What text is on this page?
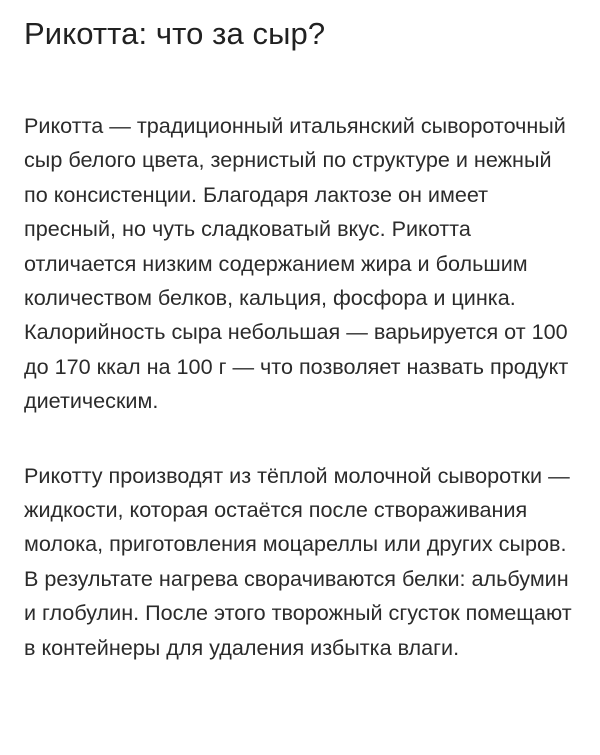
Рикотта: что за сыр?

Рикотта — традиционный итальянский сывороточный сыр белого цвета, зернистый по структуре и нежный по консистенции. Благодаря лактозе он имеет пресный, но чуть сладковатый вкус. Рикотта отличается низким содержанием жира и большим количеством белков, кальция, фосфора и цинка. Калорийность сыра небольшая — варьируется от 100 до 170 ккал на 100 г — что позволяет назвать продукт диетическим.

Рикотту производят из тёплой молочной сыворотки — жидкости, которая остаётся после створаживания молока, приготовления моцареллы или других сыров. В результате нагрева сворачиваются белки: альбумин и глобулин. После этого творожный сгусток помещают в контейнеры для удаления избытка влаги.
